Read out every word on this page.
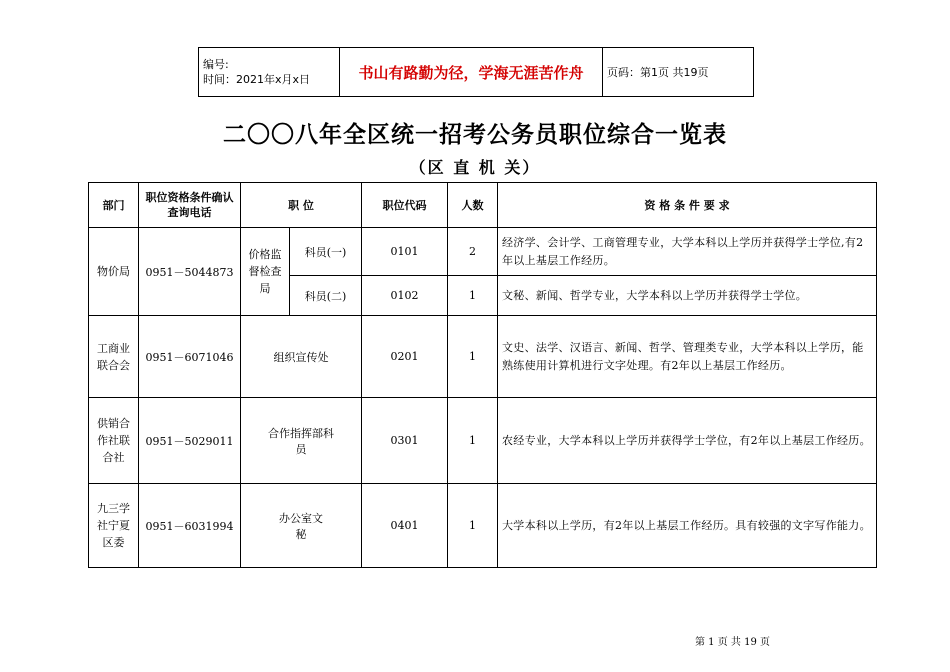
编号:
时间：2021年x月x日	书山有路勤为径，学海无涯苦作舟	页码：第1页 共19页
二〇〇八年全区统一招考公务员职位综合一览表
（区 直 机 关）
部门	职位资格条件确认查询电话	职 位		职位代码	人数	资 格 条 件 要 求
物价局	0951－5044873	价格监督检查局	科员(一)	0101	2	经济学、会计学、工商管理专业，大学本科以上学历并获得学士学位,有2年以上基层工作经历。
			科员(二)	0102	1	文秘、新闻、哲学专业，大学本科以上学历并获得学士学位。
工商业联合会	0951－6071046	组织宣传处		0201	1	文史、法学、汉语言、新闻、哲学、管理类专业，大学本科以上学历，能熟练使用计算机进行文字处理。有2年以上基层工作经历。
供销合作社联合社	0951－5029011	合作指挥部科员		0301	1	农经专业，大学本科以上学历并获得学士学位，有2年以上基层工作经历。
九三学社宁夏区委	0951－6031994	办公室文秘		0401	1	大学本科以上学历，有2年以上基层工作经历。具有较强的文字写作能力。
第 1 页 共 19 页
